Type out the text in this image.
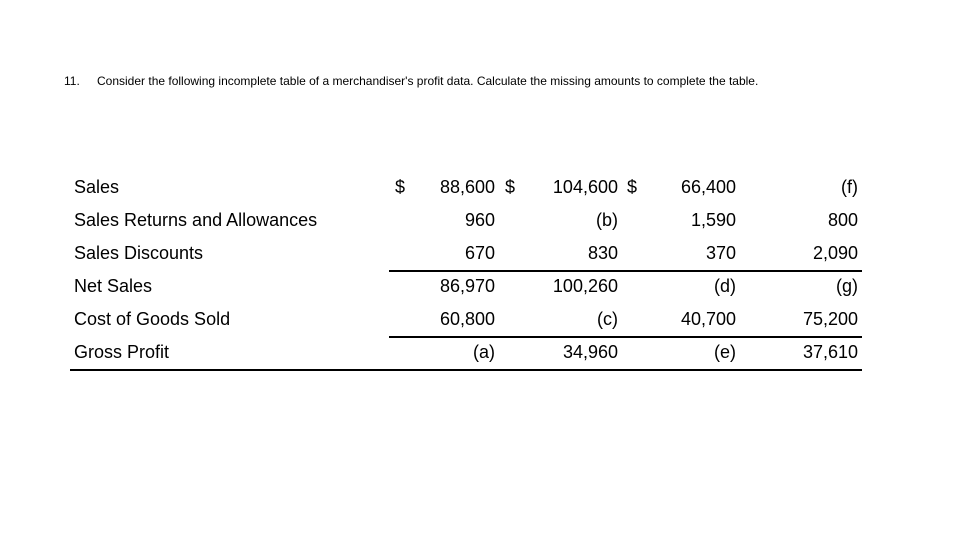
11. Consider the following incomplete table of a merchandiser's profit data. Calculate the missing amounts to complete the table.
Sales	$ 88,600 $ 104,600 $ 66,400	(f)
Sales Returns and Allowances	960	(b)	1,590	800
Sales Discounts	670	830	370	2,090
Net Sales	86,970	100,260	(d)	(g)
Cost of Goods Sold	60,800	(c)	40,700	75,200
Gross Profit	(a)	34,960	(e)	37,610
